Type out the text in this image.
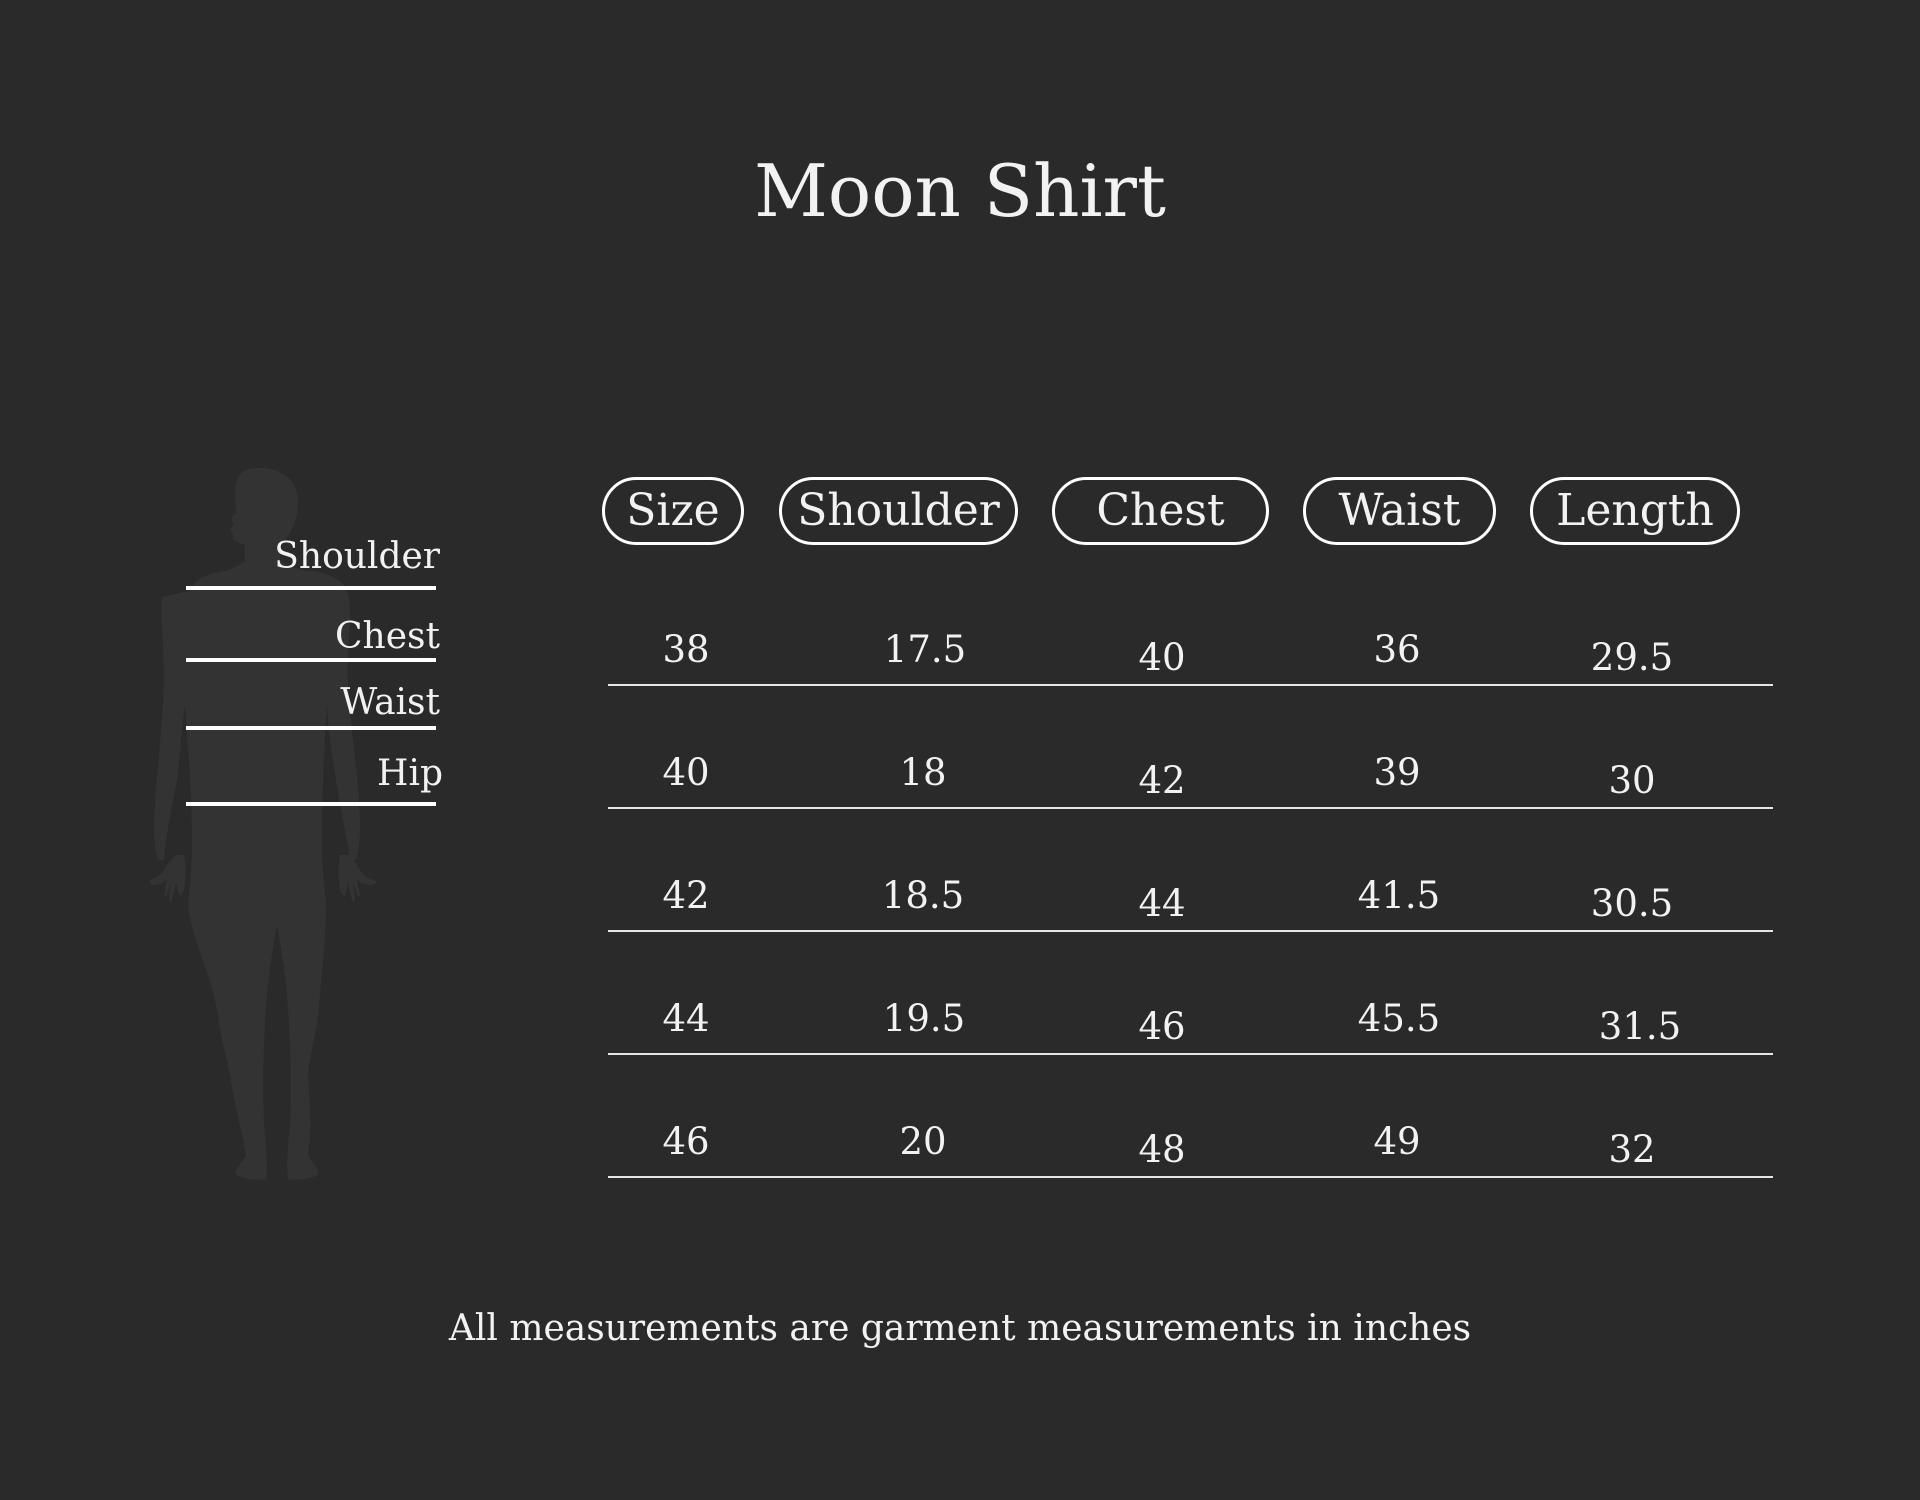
Moon Shirt
Shoulder
Chest
Waist
Hip
Size	Shoulder	Chest	Waist	Length
38	17.5	40	36	29.5
40	18	42	39	30
42	18.5	44	41.5	30.5
44	19.5	46	45.5	31.5
46	20	48	49	32
All measurements are garment measurements in inches
